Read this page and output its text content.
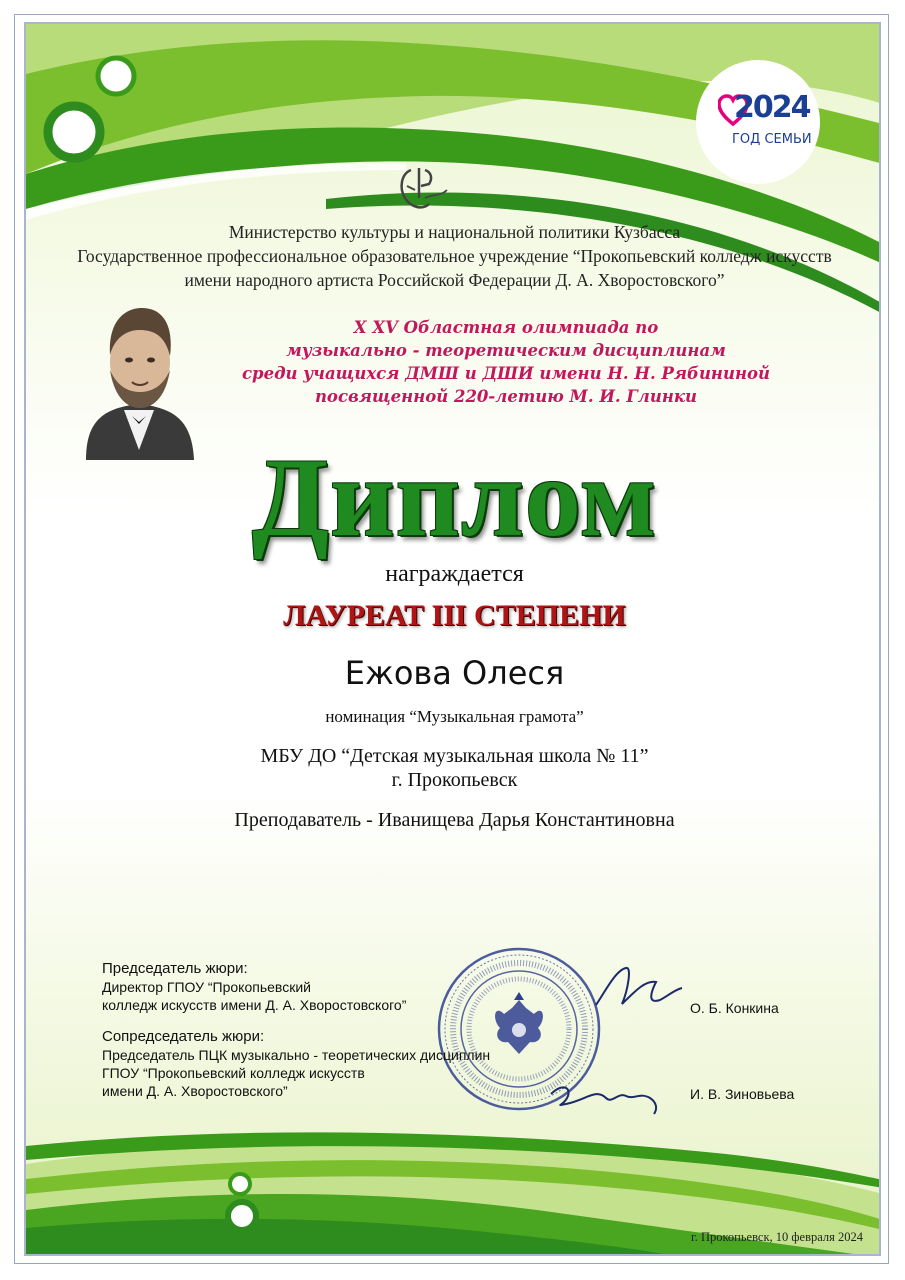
2024
ГОД СЕМЬИ
Министерство культуры и национальной политики Кузбасса
Государственное профессиональное образовательное учреждение “Прокопьевский колледж искусств
имени народного артиста Российской Федерации Д. А. Хворостовского”
X XV Областная олимпиада по
музыкально - теоретическим дисциплинам
среди учащихся ДМШ и ДШИ имени Н. Н. Рябининой
посвященной 220-летию М. И. Глинки
Диплом
награждается
ЛАУРЕАТ III СТЕПЕНИ
Ежова Олеся
номинация “Музыкальная грамота”
МБУ ДО “Детская музыкальная школа № 11”
г. Прокопьевск
Преподаватель - Иванищева Дарья Константиновна
Председатель жюри:
Директор ГПОУ “Прокопьевский
колледж искусств имени Д. А. Хворостовского”
Сопредседатель жюри:
Председатель ПЦК музыкально - теоретических дисциплин
ГПОУ “Прокопьевский колледж искусств
имени Д. А. Хворостовского”
О. Б. Конкина
И. В. Зиновьева
г. Прокопьевск, 10 февраля 2024
